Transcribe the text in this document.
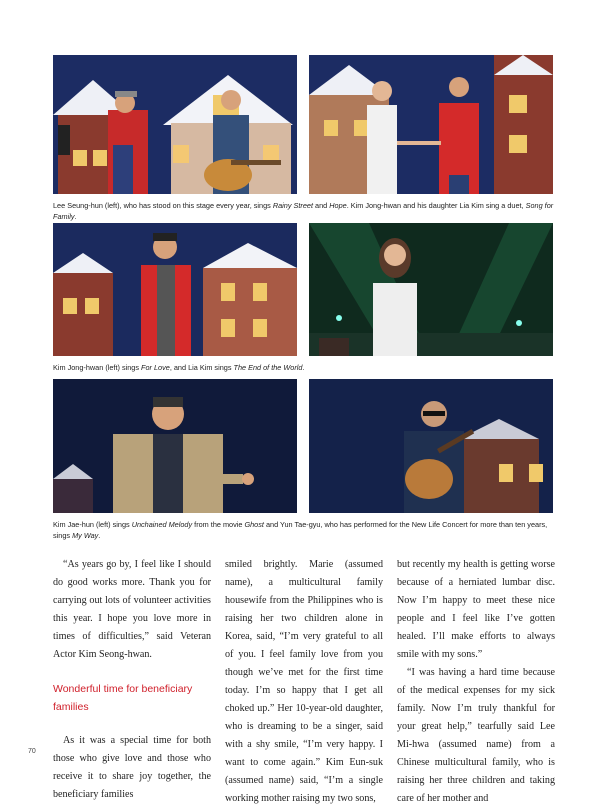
Lee Seung-hun (left), who has stood on this stage every year, sings Rainy Street and Hope. Kim Jong-hwan and his daughter Lia Kim sing a duet, Song for Family.
Kim Jong-hwan (left) sings For Love, and Lia Kim sings The End of the World.
Kim Jae-hun (left) sings Unchained Melody from the movie Ghost and Yun Tae-gyu, who has performed for the New Life Concert for more than ten years, sings My Way.

“As years go by, I feel like I should do good works more. Thank you for carrying out lots of volunteer activities this year. I hope you love more in times of difficulties,” said Veteran Actor Kim Seong-hwan.

Wonderful time for beneficiary families

As it was a special time for both those who give love and those who receive it to share joy together, the beneficiary families

smiled brightly. Marie (assumed name), a multicultural family housewife from the Philippines who is raising her two children alone in Korea, said, “I’m very grateful to all of you. I feel family love from you though we’ve met for the first time today. I’m so happy that I get all choked up.” Her 10-year-old daughter, who is dreaming to be a singer, said with a shy smile, “I’m very happy. I want to come again.” Kim Eun-suk (assumed name) said, “I’m a single working mother raising my two sons,

but recently my health is getting worse because of a herniated lumbar disc. Now I’m happy to meet these nice people and I feel like I’ve gotten healed. I’ll make efforts to always smile with my sons.”

“I was having a hard time because of the medical expenses for my sick family. Now I’m truly thankful for your great help,” tearfully said Lee Mi-hwa (assumed name) from a Chinese multicultural family, who is raising her three children and taking care of her mother and

70
